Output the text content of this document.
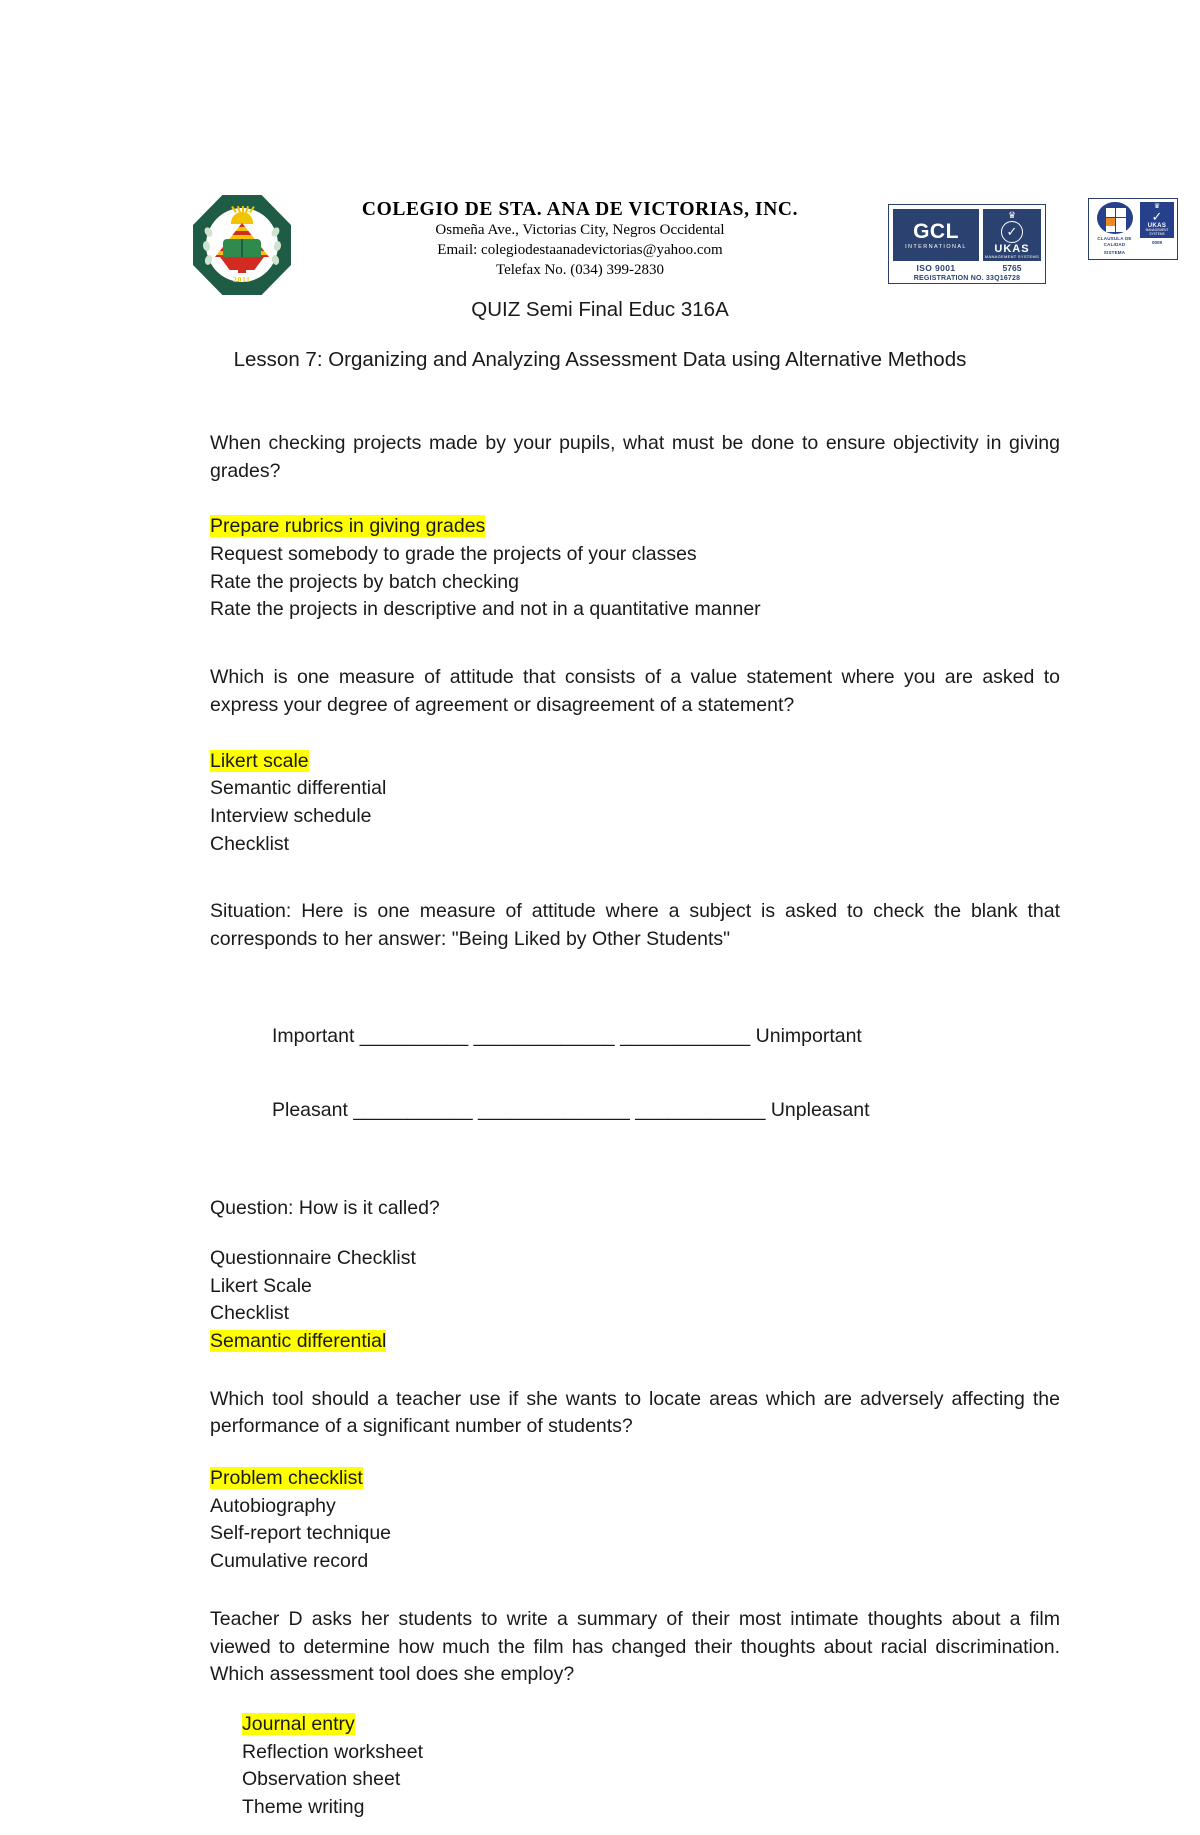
2011
COLEGIO DE STA. ANA DE VICTORIAS, INC.
Osmeña Ave., Victorias City, Negros Occidental
Email: colegiodestaanadevictorias@yahoo.com
Telefax No. (034) 399-2830
GCL
INTERNATIONAL
♛
✓
UKAS
MANAGEMENT SYSTEMS
ISO 9001	5765
REGISTRATION NO. 33Q16728
CLAUSULA DE CALIDAD
SISTEMA
♛
✓
UKAS
MANAGEMENT SYSTEMS
0009
QUIZ Semi Final Educ 316A
Lesson 7: Organizing and Analyzing Assessment Data using Alternative Methods
When checking projects made by your pupils, what must be done to ensure objectivity in giving grades?
Prepare rubrics in giving grades
Request somebody to grade the projects of your classes
Rate the projects by batch checking
Rate the projects in descriptive and not in a quantitative manner
Which is one measure of attitude that consists of a value statement where you are asked to express your degree of agreement or disagreement of a statement?
Likert scale
Semantic differential
Interview schedule
Checklist
Situation: Here is one measure of attitude where a subject is asked to check the blank that corresponds to her answer: "Being Liked by Other Students"

Important __________ _____________ ____________ Unimportant

Pleasant ___________ ______________ ____________ Unpleasant

Question: How is it called?
Questionnaire Checklist
Likert Scale
Checklist
Semantic differential
Which tool should a teacher use if she wants to locate areas which are adversely affecting the performance of a significant number of students?
Problem checklist
Autobiography
Self-report technique
Cumulative record
Teacher D asks her students to write a summary of their most intimate thoughts about a film viewed to determine how much the film has changed their thoughts about racial discrimination. Which assessment tool does she employ?
Journal entry
Reflection worksheet
Observation sheet
Theme writing
